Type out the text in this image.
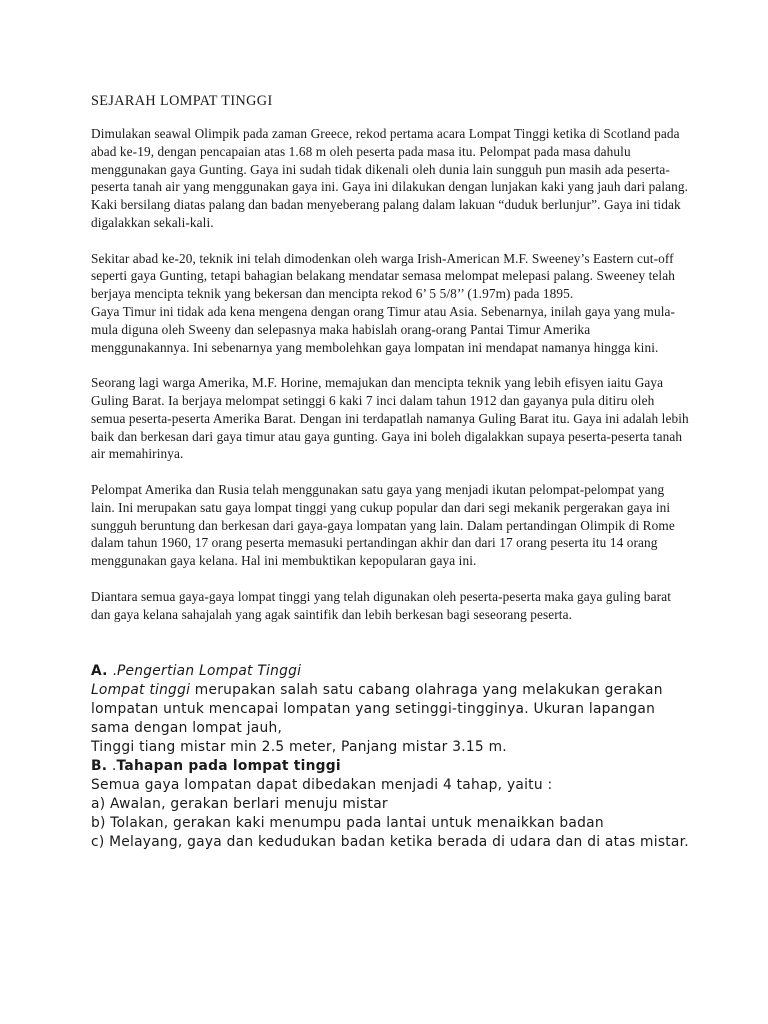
SEJARAH LOMPAT TINGGI

Dimulakan seawal Olimpik pada zaman Greece, rekod pertama acara Lompat Tinggi ketika di Scotland pada abad ke-19, dengan pencapaian atas 1.68 m oleh peserta pada masa itu. Pelompat pada masa dahulu menggunakan gaya Gunting. Gaya ini sudah tidak dikenali oleh dunia lain sungguh pun masih ada peserta-peserta tanah air yang menggunakan gaya ini. Gaya ini dilakukan dengan lunjakan kaki yang jauh dari palang. Kaki bersilang diatas palang dan badan menyeberang palang dalam lakuan “duduk berlunjur”. Gaya ini tidak digalakkan sekali-kali.

Sekitar abad ke-20, teknik ini telah dimodenkan oleh warga Irish-American M.F. Sweeney’s Eastern cut-off seperti gaya Gunting, tetapi bahagian belakang mendatar semasa melompat melepasi palang. Sweeney telah berjaya mencipta teknik yang bekersan dan mencipta rekod 6’ 5 5/8’’ (1.97m) pada 1895.

Gaya Timur ini tidak ada kena mengena dengan orang Timur atau Asia. Sebenarnya, inilah gaya yang mula-mula diguna oleh Sweeny dan selepasnya maka habislah orang-orang Pantai Timur Amerika menggunakannya. Ini sebenarnya yang membolehkan gaya lompatan ini mendapat namanya hingga kini.

Seorang lagi warga Amerika, M.F. Horine, memajukan dan mencipta teknik yang lebih efisyen iaitu Gaya Guling Barat. Ia berjaya melompat setinggi 6 kaki 7 inci dalam tahun 1912 dan gayanya pula ditiru oleh semua peserta-peserta Amerika Barat. Dengan ini terdapatlah namanya Guling Barat itu. Gaya ini adalah lebih baik dan berkesan dari gaya timur atau gaya gunting. Gaya ini boleh digalakkan supaya peserta-peserta tanah air memahirinya.

Pelompat Amerika dan Rusia telah menggunakan satu gaya yang menjadi ikutan pelompat-pelompat yang lain. Ini merupakan satu gaya lompat tinggi yang cukup popular dan dari segi mekanik pergerakan gaya ini sungguh beruntung dan berkesan dari gaya-gaya lompatan yang lain. Dalam pertandingan Olimpik di Rome dalam tahun 1960, 17 orang peserta memasuki pertandingan akhir dan dari 17 orang peserta itu 14 orang menggunakan gaya kelana. Hal ini membuktikan kepopularan gaya ini.

Diantara semua gaya-gaya lompat tinggi yang telah digunakan oleh peserta-peserta maka gaya guling barat dan gaya kelana sahajalah yang agak saintifik dan lebih berkesan bagi seseorang peserta.

A. .Pengertian Lompat Tinggi

Lompat tinggi merupakan salah satu cabang olahraga yang melakukan gerakan lompatan untuk mencapai lompatan yang setinggi-tingginya. Ukuran lapangan sama dengan lompat jauh,

Tinggi tiang mistar min 2.5 meter, Panjang mistar 3.15 m.

B. .Tahapan pada lompat tinggi

Semua gaya lompatan dapat dibedakan menjadi 4 tahap, yaitu :

a) Awalan, gerakan berlari menuju mistar

b) Tolakan, gerakan kaki menumpu pada lantai untuk menaikkan badan

c) Melayang, gaya dan kedudukan badan ketika berada di udara dan di atas mistar.
